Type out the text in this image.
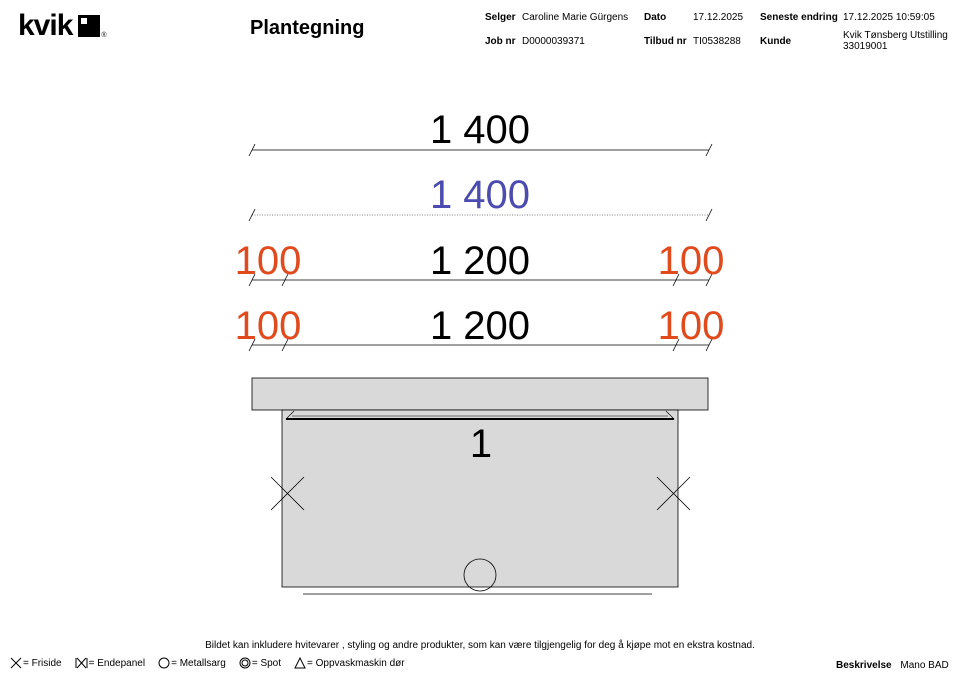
kvik	®	Plantegning	Selger Caroline Marie Gürgens Dato	17.12.2025 Seneste endring 17.12.2025 10:59:05
Job nr D0000039371	Tilbud nr TI0538288 Kunde
Kvik Tønsberg Utstilling
33019001
1 400
1 400
100	1 200	100
100	1 200	100
1
Bildet kan inkludere hvitevarer , styling og andre produkter, som kan være tilgjengelig for deg å kjøpe mot en ekstra kostnad.
= Friside	= Endepanel	= Metallsarg	= Spot	= Oppvaskmaskin dør	Beskrivelse Mano BAD
